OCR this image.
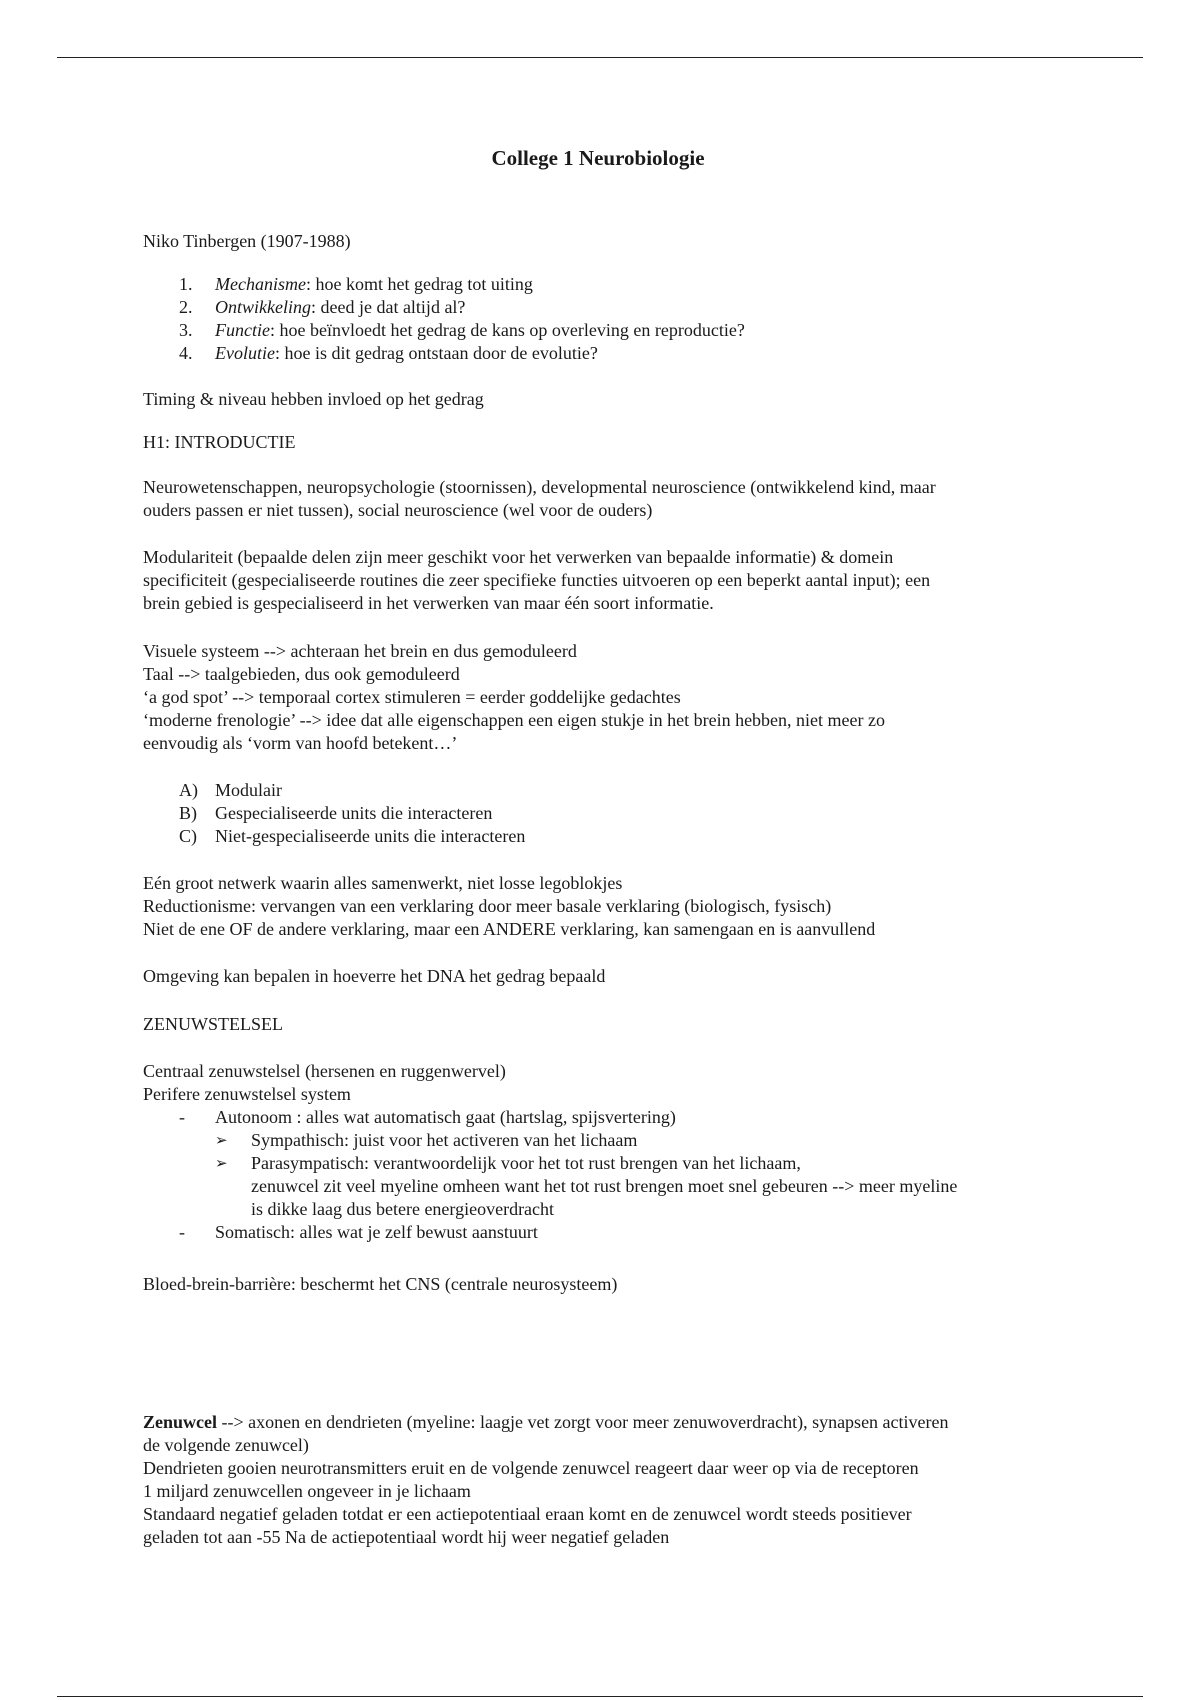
College 1 Neurobiologie

Niko Tinbergen (1907-1988)

1. Mechanisme: hoe komt het gedrag tot uiting
2. Ontwikkeling: deed je dat altijd al?
3. Functie: hoe beïnvloedt het gedrag de kans op overleving en reproductie?
4. Evolutie: hoe is dit gedrag ontstaan door de evolutie?

Timing & niveau hebben invloed op het gedrag

H1: INTRODUCTIE

Neurowetenschappen, neuropsychologie (stoornissen), developmental neuroscience (ontwikkelend kind, maar

ouders passen er niet tussen), social neuroscience (wel voor de ouders)

Modulariteit (bepaalde delen zijn meer geschikt voor het verwerken van bepaalde informatie) & domein

specificiteit (gespecialiseerde routines die zeer specifieke functies uitvoeren op een beperkt aantal input); een

brein gebied is gespecialiseerd in het verwerken van maar één soort informatie.

Visuele systeem --> achteraan het brein en dus gemoduleerd

Taal --> taalgebieden, dus ook gemoduleerd

‘a god spot’ --> temporaal cortex stimuleren = eerder goddelijke gedachtes

‘moderne frenologie’ --> idee dat alle eigenschappen een eigen stukje in het brein hebben, niet meer zo

eenvoudig als ‘vorm van hoofd betekent…’

A) Modulair
B) Gespecialiseerde units die interacteren
C) Niet-gespecialiseerde units die interacteren

Eén groot netwerk waarin alles samenwerkt, niet losse legoblokjes

Reductionisme: vervangen van een verklaring door meer basale verklaring (biologisch, fysisch)

Niet de ene OF de andere verklaring, maar een ANDERE verklaring, kan samengaan en is aanvullend

Omgeving kan bepalen in hoeverre het DNA het gedrag bepaald

ZENUWSTELSEL

Centraal zenuwstelsel (hersenen en ruggenwervel)

Perifere zenuwstelsel system

- Autonoom : alles wat automatisch gaat (hartslag, spijsvertering)
➢ Sympathisch: juist voor het activeren van het lichaam
➢ Parasympatisch: verantwoordelijk voor het tot rust brengen van het lichaam,

zenuwcel zit veel myeline omheen want het tot rust brengen moet snel gebeuren --> meer myeline

is dikke laag dus betere energieoverdracht

- Somatisch: alles wat je zelf bewust aanstuurt

Bloed-brein-barrière: beschermt het CNS (centrale neurosysteem)

Zenuwcel --> axonen en dendrieten (myeline: laagje vet zorgt voor meer zenuwoverdracht), synapsen activeren

de volgende zenuwcel)

Dendrieten gooien neurotransmitters eruit en de volgende zenuwcel reageert daar weer op via de receptoren

1 miljard zenuwcellen ongeveer in je lichaam

Standaard negatief geladen totdat er een actiepotentiaal eraan komt en de zenuwcel wordt steeds positiever

geladen tot aan -55 Na de actiepotentiaal wordt hij weer negatief geladen
